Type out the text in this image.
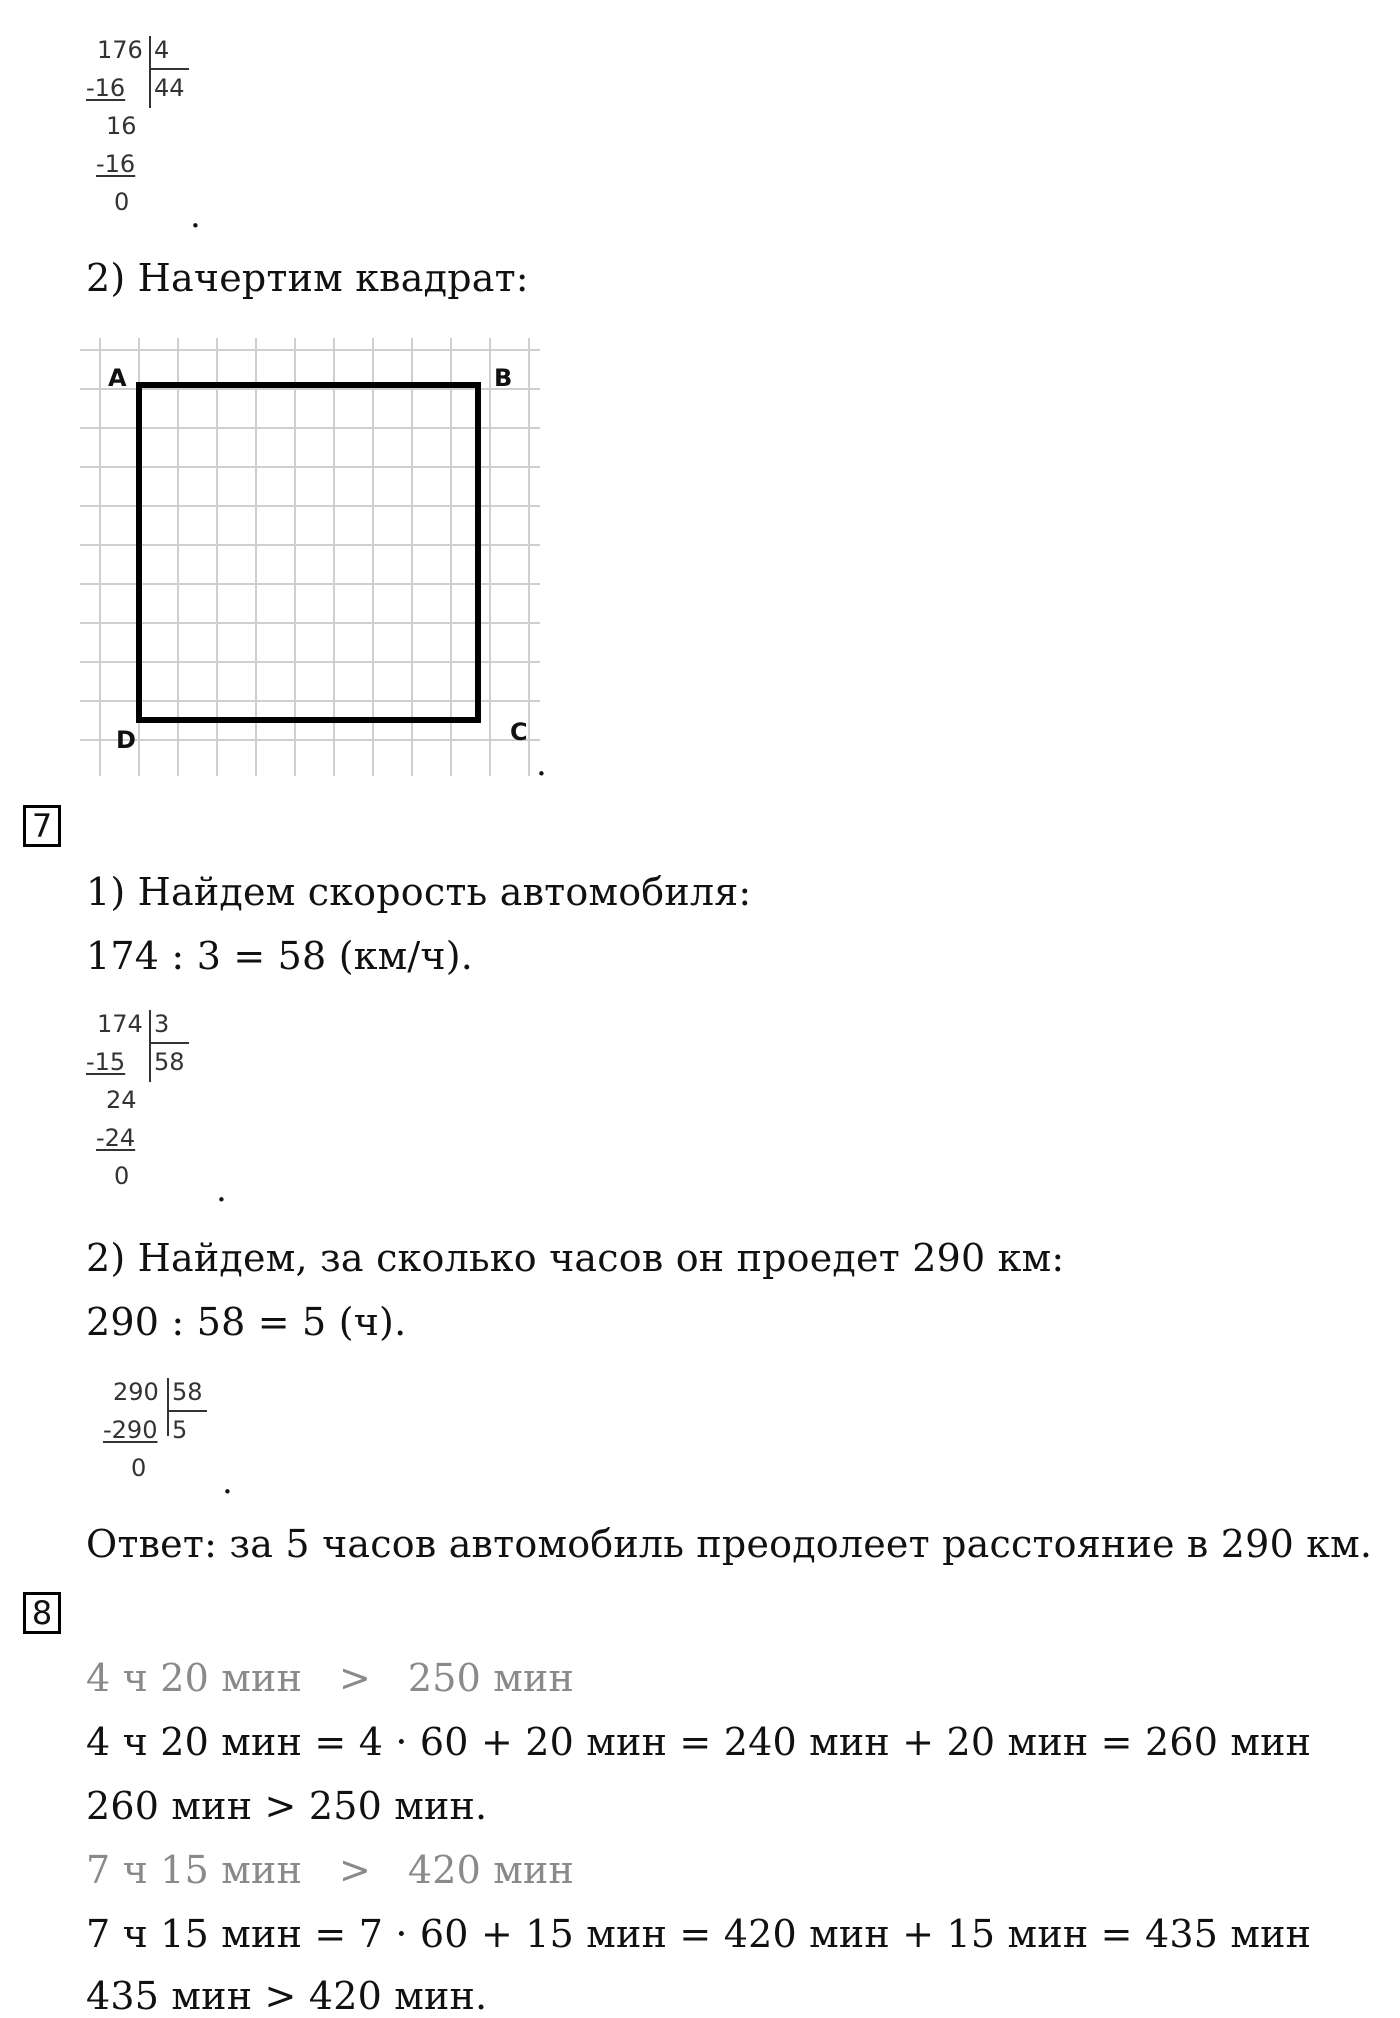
176 4
-16 44
16
-16
0 .
2) Начертим квадрат:
A	B
D	C
.
7
1) Найдем скорость автомобиля:
174 : 3 = 58 (км/ч).
174 3
-15 58
24
-24
0	.
2) Найдем, за сколько часов он проедет 290 км:
290 : 58 = 5 (ч).
290 58
-290 5
0 .
Ответ: за 5 часов автомобиль преодолеет расстояние в 290 км.
8
4 ч 20 мин   >   250 мин
4 ч 20 мин = 4 · 60 + 20 мин = 240 мин + 20 мин = 260 мин
260 мин > 250 мин.
7 ч 15 мин   >   420 мин
7 ч 15 мин = 7 · 60 + 15 мин = 420 мин + 15 мин = 435 мин
435 мин > 420 мин.
